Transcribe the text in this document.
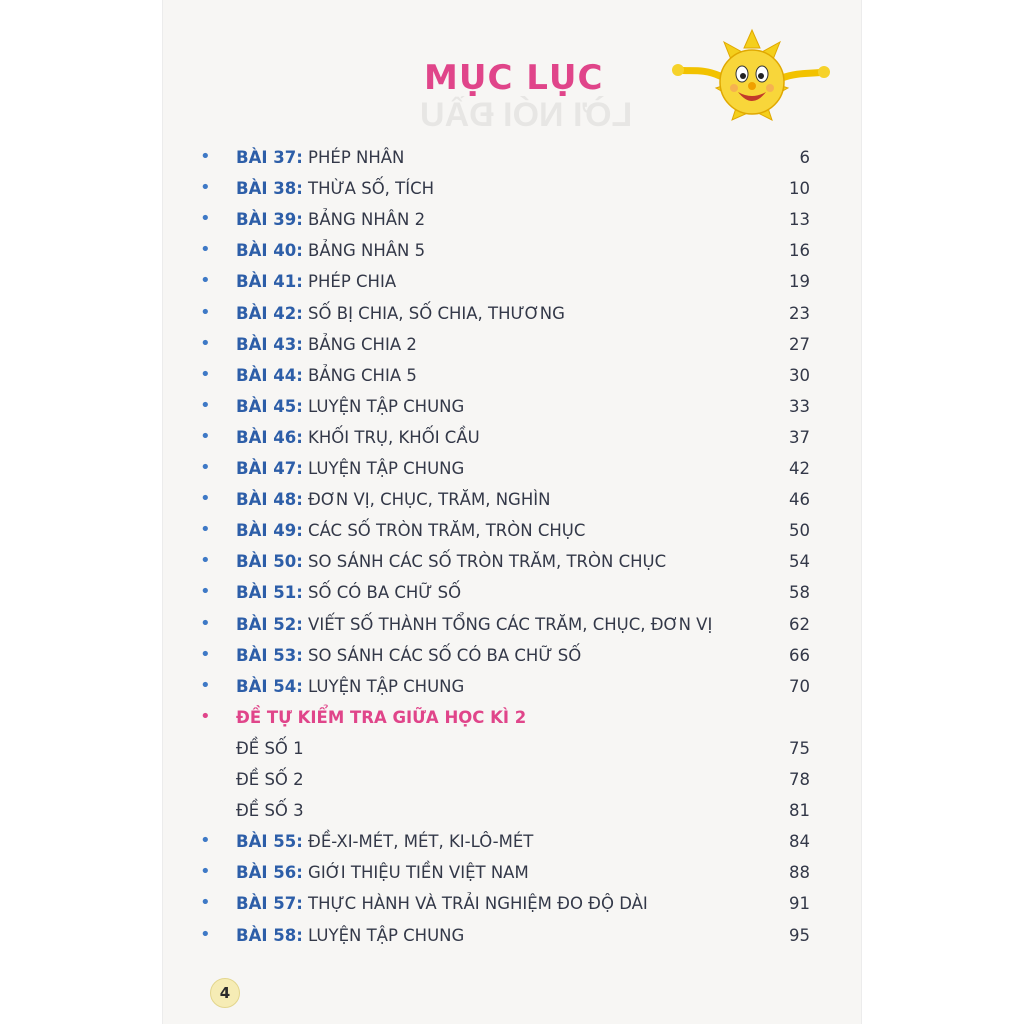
LỜI NÓI ĐẦU
MỤC LỤC
• BÀI 37: PHÉP NHÂN	6
• BÀI 38: THỪA SỐ, TÍCH	10
• BÀI 39: BẢNG NHÂN 2	13
• BÀI 40: BẢNG NHÂN 5	16
• BÀI 41: PHÉP CHIA	19
• BÀI 42: SỐ BỊ CHIA, SỐ CHIA, THƯƠNG	23
• BÀI 43: BẢNG CHIA 2	27
• BÀI 44: BẢNG CHIA 5	30
• BÀI 45: LUYỆN TẬP CHUNG	33
• BÀI 46: KHỐI TRỤ, KHỐI CẦU	37
• BÀI 47: LUYỆN TẬP CHUNG	42
• BÀI 48: ĐƠN VỊ, CHỤC, TRĂM, NGHÌN	46
• BÀI 49: CÁC SỐ TRÒN TRĂM, TRÒN CHỤC	50
• BÀI 50: SO SÁNH CÁC SỐ TRÒN TRĂM, TRÒN CHỤC	54
• BÀI 51: SỐ CÓ BA CHỮ SỐ	58
• BÀI 52: VIẾT SỐ THÀNH TỔNG CÁC TRĂM, CHỤC, ĐƠN VỊ	62
• BÀI 53: SO SÁNH CÁC SỐ CÓ BA CHỮ SỐ	66
• BÀI 54: LUYỆN TẬP CHUNG	70
• ĐỀ TỰ KIỂM TRA GIỮA HỌC KÌ 2
ĐỀ SỐ 1	75
ĐỀ SỐ 2	78
ĐỀ SỐ 3	81
• BÀI 55: ĐỀ-XI-MÉT, MÉT, KI-LÔ-MÉT	84
• BÀI 56: GIỚI THIỆU TIỀN VIỆT NAM	88
• BÀI 57: THỰC HÀNH VÀ TRẢI NGHIỆM ĐO ĐỘ DÀI	91
• BÀI 58: LUYỆN TẬP CHUNG	95
4
